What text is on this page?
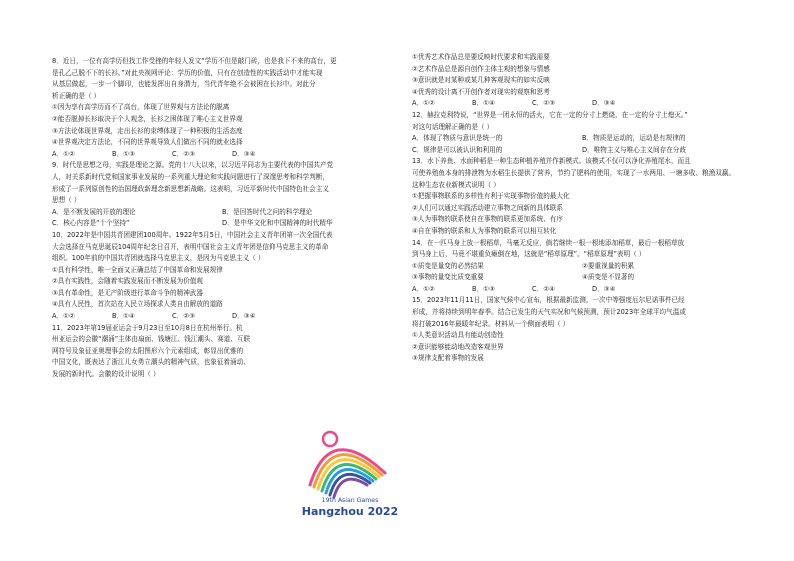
8．近日，一位有高学历但找工作受挫的年轻人发文“学历不但是敲门砖，也是我下不来的高台，更
是孔乙己脱不下的长衫。”对此央视网评论：学历的价值，只有在创造性的实践活动中才能实现
从基层做起，一步一个脚印，也能发挥出自身潜力，当代青年绝不会被困在长衫中。对此分
析正确的是（ ）
①因为享有高学历而不了高台，体现了世界观与方法论的脱离
②能否脱掉长衫取决于个人观念，长衫之困体现了唯心主义世界观
③方法论体现世界观，走出长衫的束缚体现了一种积极的生活态度
④世界观决定方法论，不同的世界观导致人们做出不同的就业选择
A．①②	B．①③	C．②③	D．③④
9．时代是思想之母，实践是理论之源。党的十八大以来，以习近平同志为主要代表的中国共产党
人，对关系新时代党和国家事业发展的一系列重大理论和实践问题进行了深邃思考和科学判断，
形成了一系列原创性的治国理政新理念新思想新战略。这表明，习近平新时代中国特色社会主义
思想（ ）
A．是不断发展的开放的理论	B．是回答时代之问的科学理论
C．核心内容是“十个坚持”	D．是中华文化和中国精神的时代精华
10．2022年是中国共青团建团100周年。1922年5月5日，中国社会主义青年团第一次全国代表
大会选择在马克思诞辰104周年纪念日召开，表明中国社会主义青年团是信仰马克思主义的革命
组织。100年前的中国共青团就选择马克思主义，是因为马克思主义（ ）
①具有科学性，唯一全面又正确总结了中国革命和发展规律
②具有实践性，会随着实践发展而不断发展为价值观
③具有革命性，是无产阶级进行革命斗争的精神武器
④具有人民性，首次站在人民立场探求人类自由解放的道路
A．①②	B．①④	C．②③	D．③④
11．2023年第19届亚运会于9月23日至10月8日在杭州举行。杭
州亚运会的会徽“潮涌”主体由扇面、钱塘江、钱江潮头、赛道、互联
网符号及象征亚奥理事会的太阳图形六个元素组成，彰显出优雅的
中国文化，既表达了浙江儿女勇立潮头的精神气质，也象征着涌动、
发展的新时代。会徽的设计说明（ ）
19th Asian Games
Hangzhou 2022
①优秀艺术作品总是要反映时代要求和实践需要
②艺术作品总是源自创作主体主观的想象与情感
③意识就是对某种或某几种客观现实的如实反映
④优秀的设计离不开创作者对现实的观察和思考
A．①②	B．①④	C．②③	D．③④
12．赫拉克利特说，“世界是一团永恒的活火，它在一定的分寸上燃烧，在一定的分寸上熄灭。”
对这句话理解正确的是（ ）
A．体现了物质与意识是统一的	B．物质是运动的，运动是有规律的
C．规律是可以被认识和利用的	D．唯物主义与唯心主义间存在分歧
13．水下养鱼、水面种稻是一种生态种植养殖并作新模式。该模式不仅可以净化养殖尾水，而且
可使养殖鱼本身的排泄物为水稻生长提供了营养，节约了肥料的使用，实现了一水两用、一塘多收、粮渔双赢。
这种生态农业新模式说明（ ）
①把握事物联系的多样性有利于实现事物价值的最大化
②人们可以通过实践活动建立事物之间新的具体联系
③人为事物的联系使自在事物的联系更加系统、有序
④自在事物的联系和人为事物的联系可以相互转化
14．在一匹马身上放一根稻草，马毫无反应，倘若继续一根一根地添加稻草，最后一根稻草放
到马身上后，马竟不堪重负瘫倒在地，这就是“稻草原理”。“稻草原理”表明（ ）
①质变是量变的必然结果	②要重视量的积累
③事物的量变比质变重要	④质变是不显著的
A．①②	B．①③	C．②④	D．③④
15．2023年11月11日，国家气候中心宣布，根据最新监测，一次中等强度厄尔尼诺事件已经
形成，并将持续到明年春季。结合已发生的天气实况和气候预测，预计2023年全球平均气温或
将打破2016年最暖年纪录。材料从一个侧面表明（ ）
①人类意识活动具有能动创造性
②意识能够能动地改造客观世界
③规律支配着事物的发展
